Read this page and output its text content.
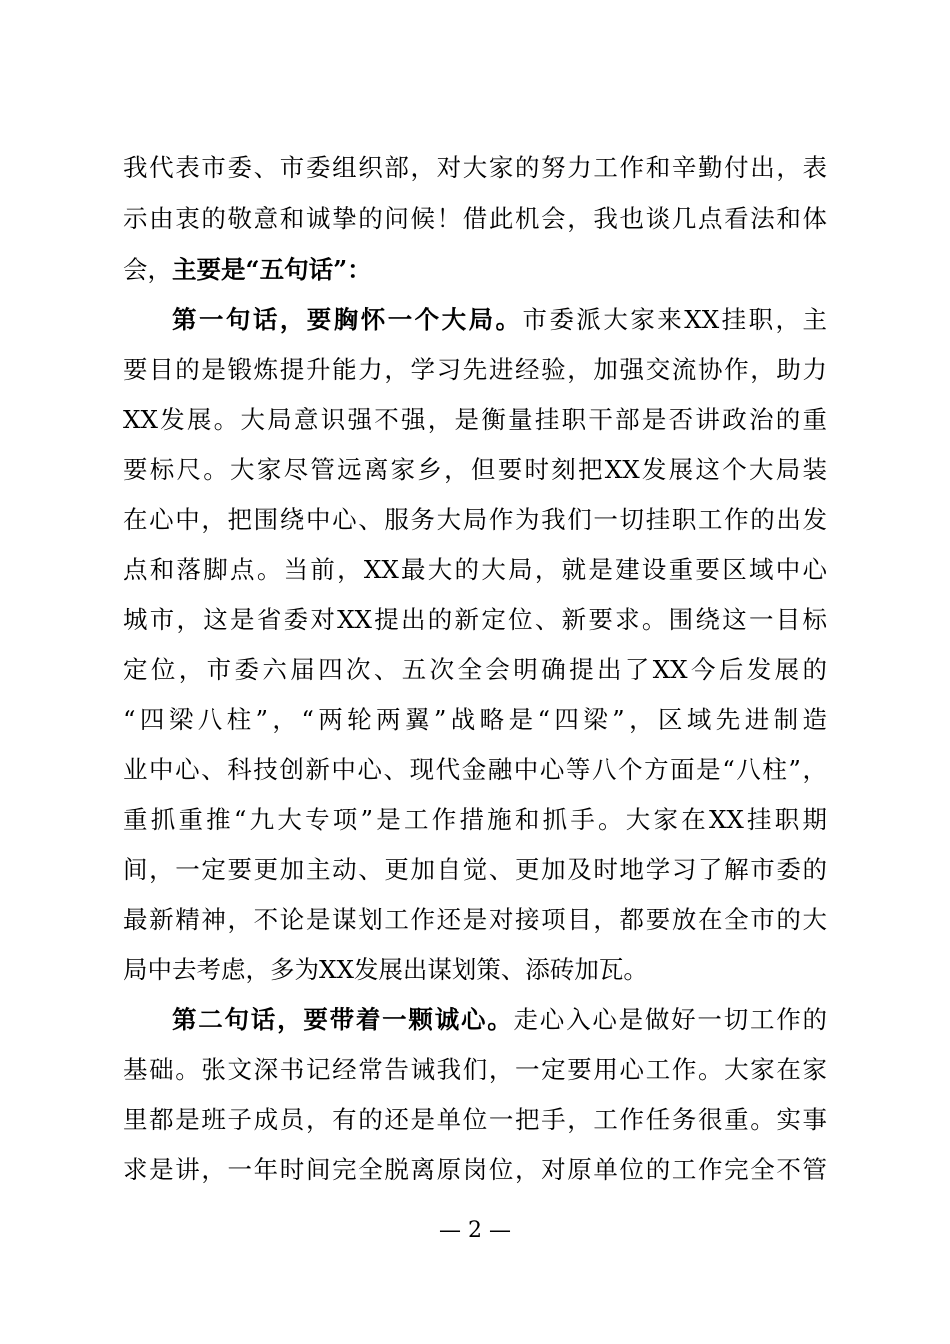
我代表市委、市委组织部，对大家的努力工作和辛勤付出，表
示由衷的敬意和诚挚的问候！借此机会，我也谈几点看法和体
会，主要是“五句话”：
第一句话，要胸怀一个大局。市委派大家来XX挂职，主
要目的是锻炼提升能力，学习先进经验，加强交流协作，助力
XX发展。大局意识强不强，是衡量挂职干部是否讲政治的重
要标尺。大家尽管远离家乡，但要时刻把XX发展这个大局装
在心中，把围绕中心、服务大局作为我们一切挂职工作的出发
点和落脚点。当前，XX最大的大局，就是建设重要区域中心
城市，这是省委对XX提出的新定位、新要求。围绕这一目标
定位，市委六届四次、五次全会明确提出了XX今后发展的
“四梁八柱”，“两轮两翼”战略是“四梁”，区域先进制造
业中心、科技创新中心、现代金融中心等八个方面是“八柱”，
重抓重推“九大专项”是工作措施和抓手。大家在XX挂职期
间，一定要更加主动、更加自觉、更加及时地学习了解市委的
最新精神，不论是谋划工作还是对接项目，都要放在全市的大
局中去考虑，多为XX发展出谋划策、添砖加瓦。
第二句话，要带着一颗诚心。走心入心是做好一切工作的
基础。张文深书记经常告诫我们，一定要用心工作。大家在家
里都是班子成员，有的还是单位一把手，工作任务很重。实事
求是讲，一年时间完全脱离原岗位，对原单位的工作完全不管
— 2 —
